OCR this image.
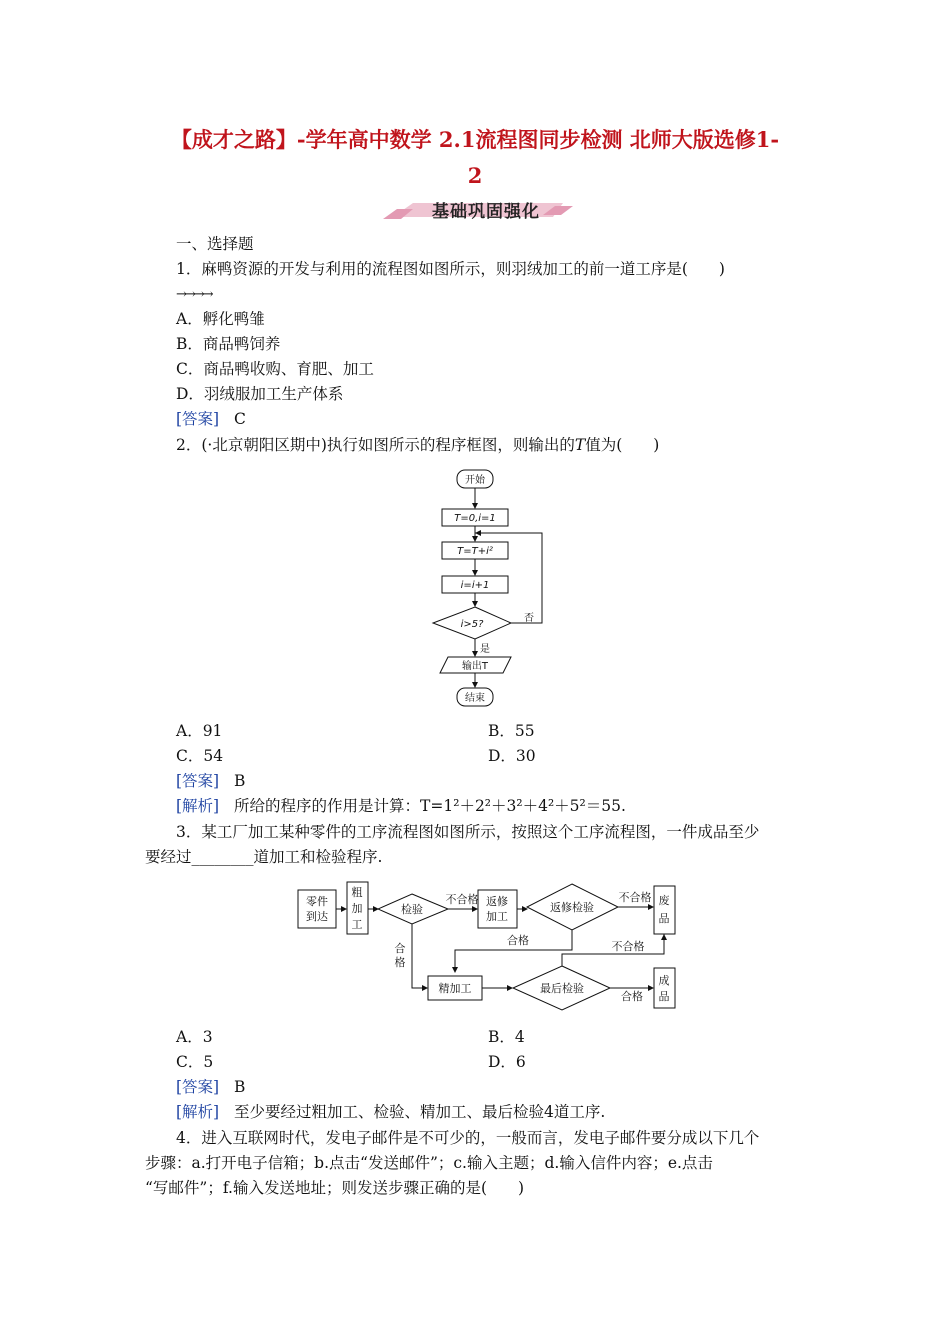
【成才之路】-学年高中数学 2.1流程图同步检测 北师大版选修1-
2
基础巩固强化
一、选择题
1．麻鸭资源的开发与利用的流程图如图所示，则羽绒加工的前一道工序是(　　)
→→→→
A．孵化鸭雏
B．商品鸭饲养
C．商品鸭收购、育肥、加工
D．羽绒服加工生产体系
[答案] C
2．(·北京朝阳区期中)执行如图所示的程序框图，则输出的T值为(　　)
开始
T=0,i=1
T=T+i²
i=i+1
i>5?
否
是
输出T
结束
A．91	B．55
C．54	D．30
[答案] B
[解析] 所给的程序的作用是计算：T=1²＋2²＋3²＋4²＋5²＝55.
3．某工厂加工某种零件的工序流程图如图所示，按照这个工序流程图，一件成品至少
要经过________道加工和检验程序.
零件
到达
粗
加
工
检验
不合格 返修
加工
返修检验
不合格 废
品
合格	不合格
合
格
精加工	最后检验
合格
成
品
A．3	B．4
C．5	D．6
[答案] B
[解析] 至少要经过粗加工、检验、精加工、最后检验4道工序.
4．进入互联网时代，发电子邮件是不可少的，一般而言，发电子邮件要分成以下几个
步骤：a.打开电子信箱；b.点击“发送邮件”；c.输入主题；d.输入信件内容；e.点击
“写邮件”；f.输入发送地址；则发送步骤正确的是(　　)
